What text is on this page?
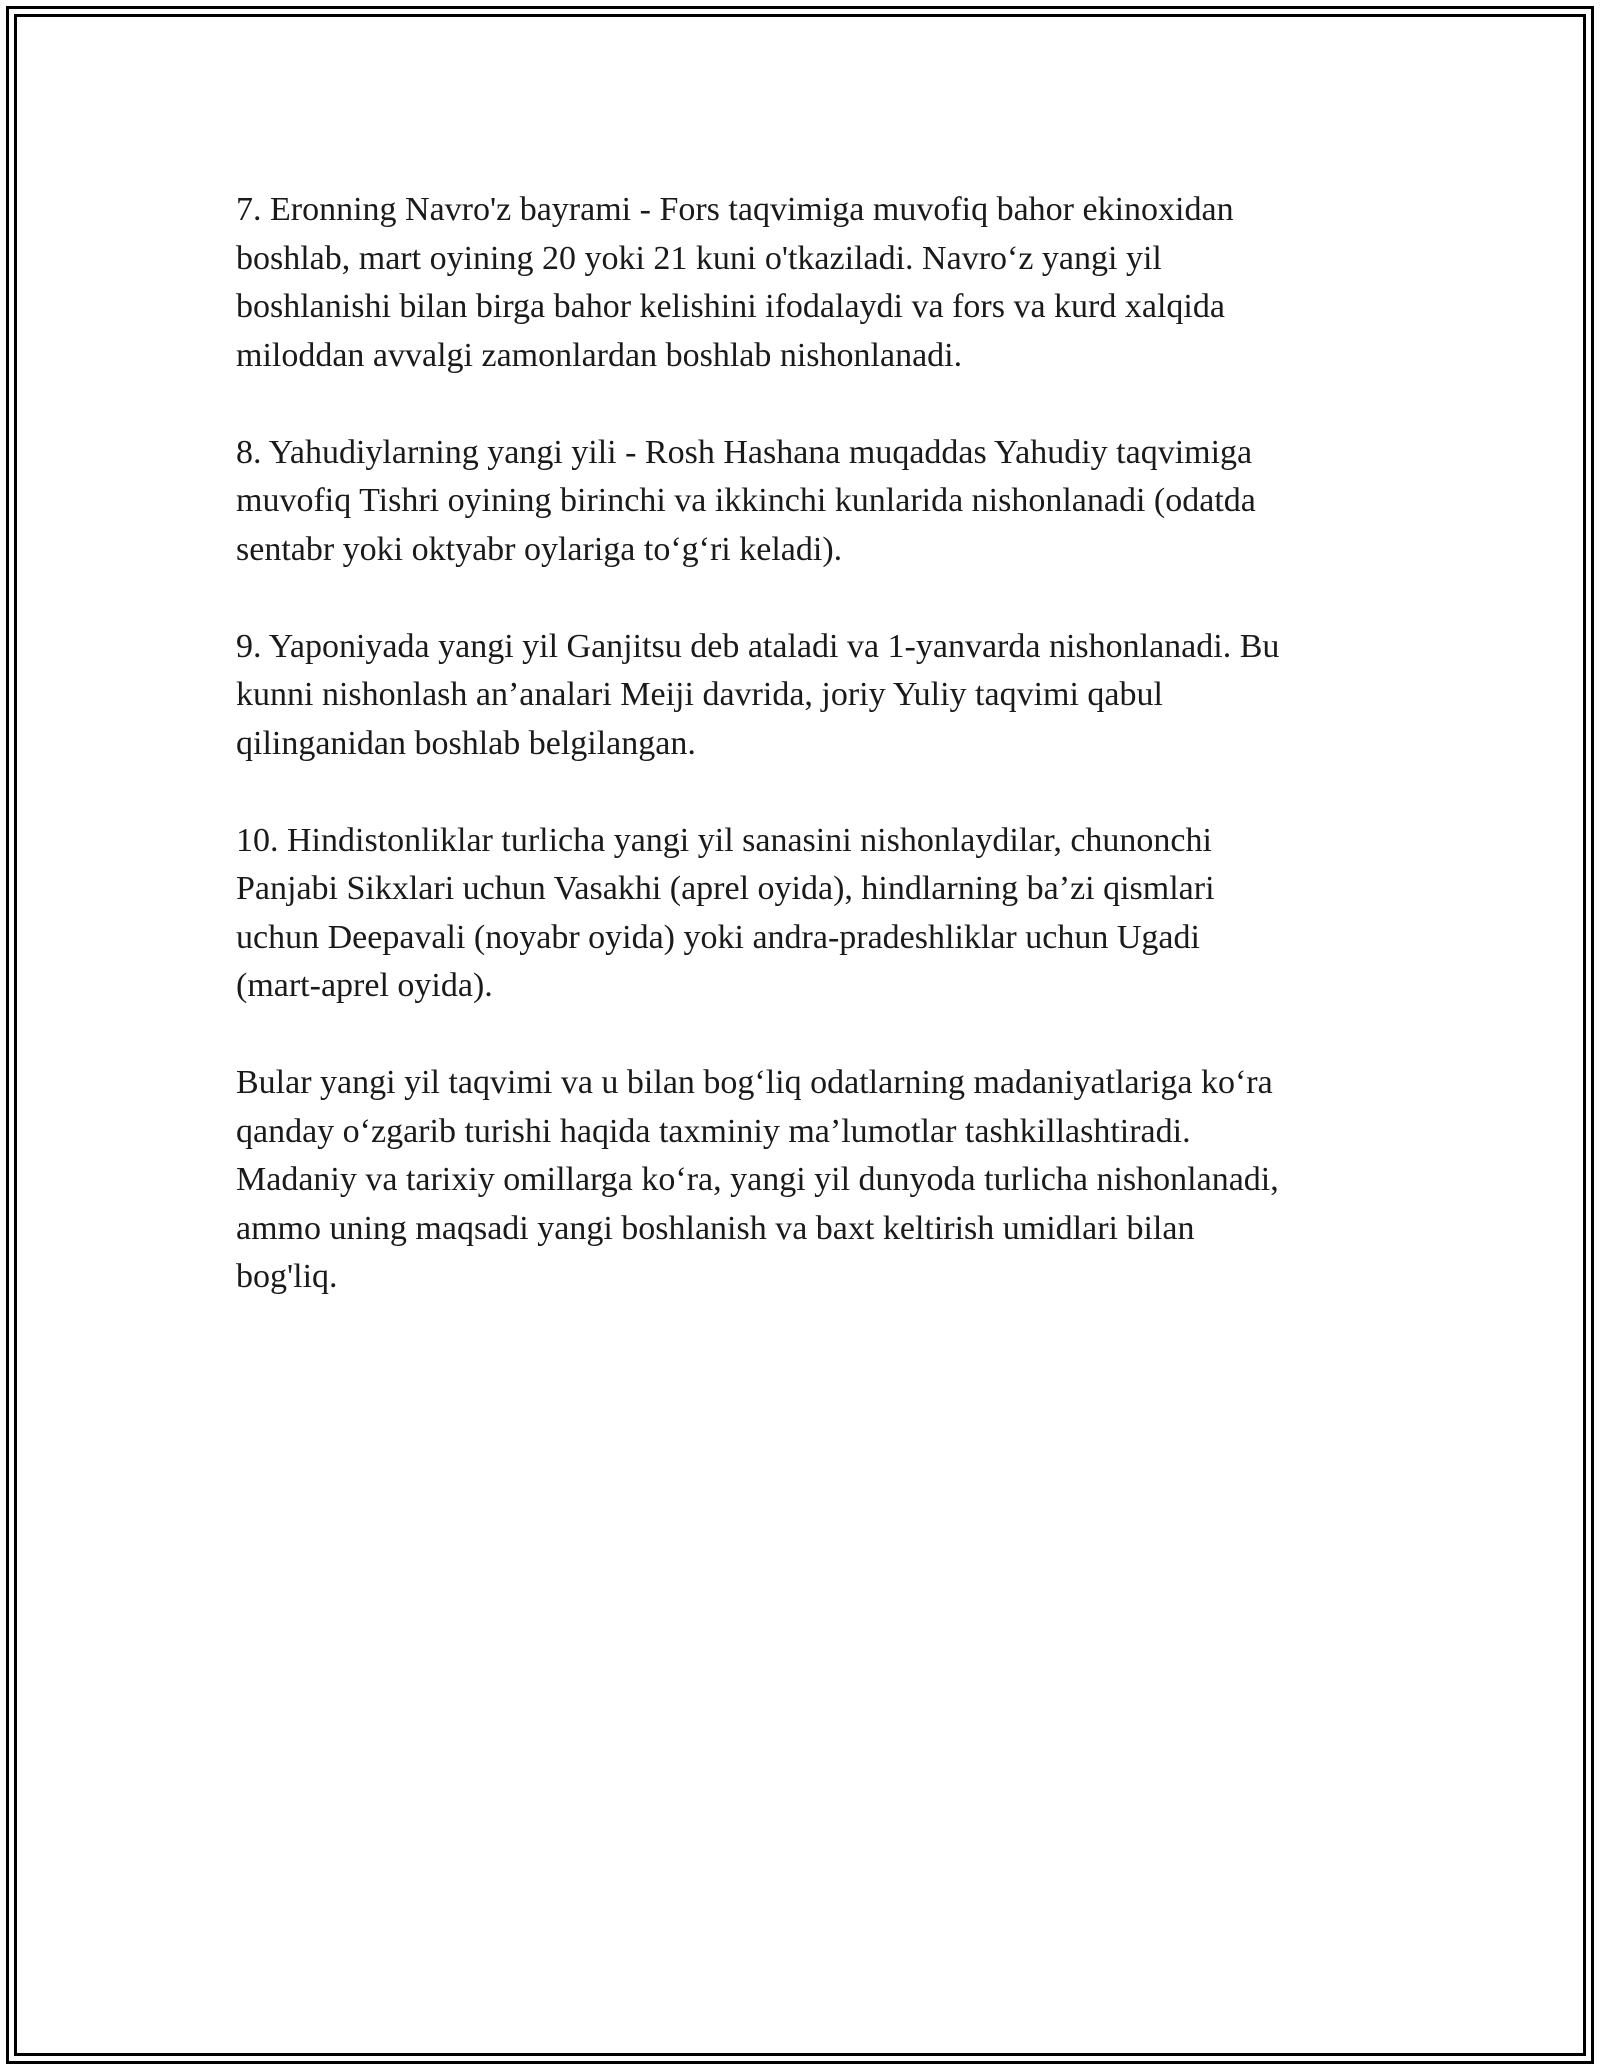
7. Eronning Navro'z bayrami - Fors taqvimiga muvofiq bahor ekinoxidan
boshlab, mart oyining 20 yoki 21 kuni o'tkaziladi. Navro‘z yangi yil
boshlanishi bilan birga bahor kelishini ifodalaydi va fors va kurd xalqida
miloddan avvalgi zamonlardan boshlab nishonlanadi.

8. Yahudiylarning yangi yili - Rosh Hashana muqaddas Yahudiy taqvimiga
muvofiq Tishri oyining birinchi va ikkinchi kunlarida nishonlanadi (odatda
sentabr yoki oktyabr oylariga to‘g‘ri keladi).

9. Yaponiyada yangi yil Ganjitsu deb ataladi va 1-yanvarda nishonlanadi. Bu
kunni nishonlash an’analari Meiji davrida, joriy Yuliy taqvimi qabul
qilinganidan boshlab belgilangan.

10. Hindistonliklar turlicha yangi yil sanasini nishonlaydilar, chunonchi
Panjabi Sikxlari uchun Vasakhi (aprel oyida), hindlarning ba’zi qismlari
uchun Deepavali (noyabr oyida) yoki andra-pradeshliklar uchun Ugadi
(mart-aprel oyida).

Bular yangi yil taqvimi va u bilan bog‘liq odatlarning madaniyatlariga ko‘ra
qanday o‘zgarib turishi haqida taxminiy ma’lumotlar tashkillashtiradi.
Madaniy va tarixiy omillarga ko‘ra, yangi yil dunyoda turlicha nishonlanadi,
ammo uning maqsadi yangi boshlanish va baxt keltirish umidlari bilan
bog'liq.
